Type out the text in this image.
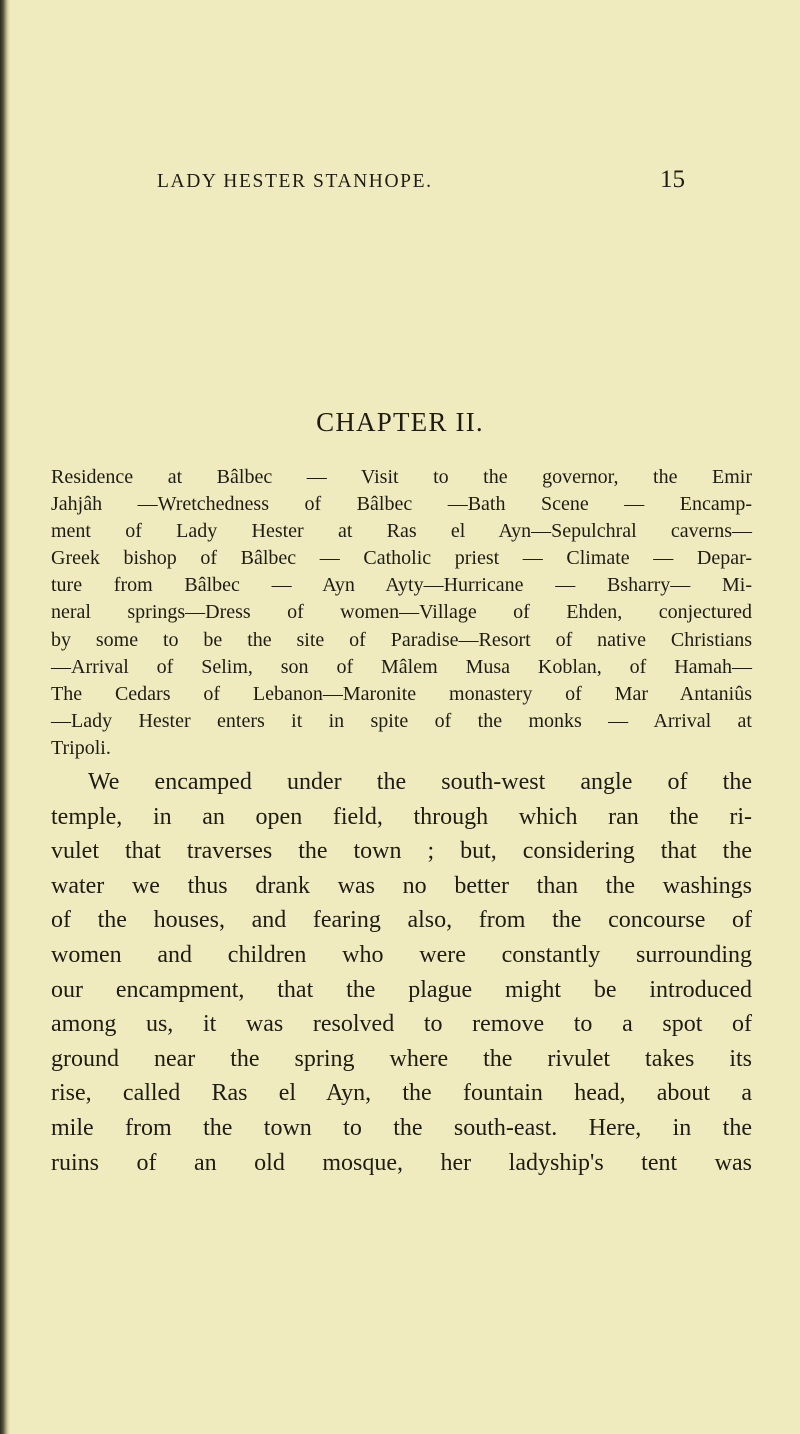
LADY HESTER STANHOPE.	15
CHAPTER II.
Residence at Bâlbec — Visit to the governor, the Emir
Jahjâh —Wretchedness of Bâlbec —Bath Scene — Encamp-
ment of Lady Hester at Ras el Ayn—Sepulchral caverns—
Greek bishop of Bâlbec — Catholic priest — Climate — Depar-
ture from Bâlbec — Ayn Ayty—Hurricane — Bsharry— Mi-
neral springs—Dress of women—Village of Ehden, conjectured
by some to be the site of Paradise—Resort of native Christians
—Arrival of Selim, son of Mâlem Musa Koblan, of Hamah—
The Cedars of Lebanon—Maronite monastery of Mar Antaniûs
—Lady Hester enters it in spite of the monks — Arrival at
Tripoli.
We encamped under the south-west angle of the
temple, in an open field, through which ran the ri-
vulet that traverses the town ; but, considering that the
water we thus drank was no better than the washings
of the houses, and fearing also, from the concourse of
women and children who were constantly surrounding
our encampment, that the plague might be introduced
among us, it was resolved to remove to a spot of
ground near the spring where the rivulet takes its
rise, called Ras el Ayn, the fountain head, about a
mile from the town to the south-east. Here, in the
ruins of an old mosque, her ladyship's tent was
